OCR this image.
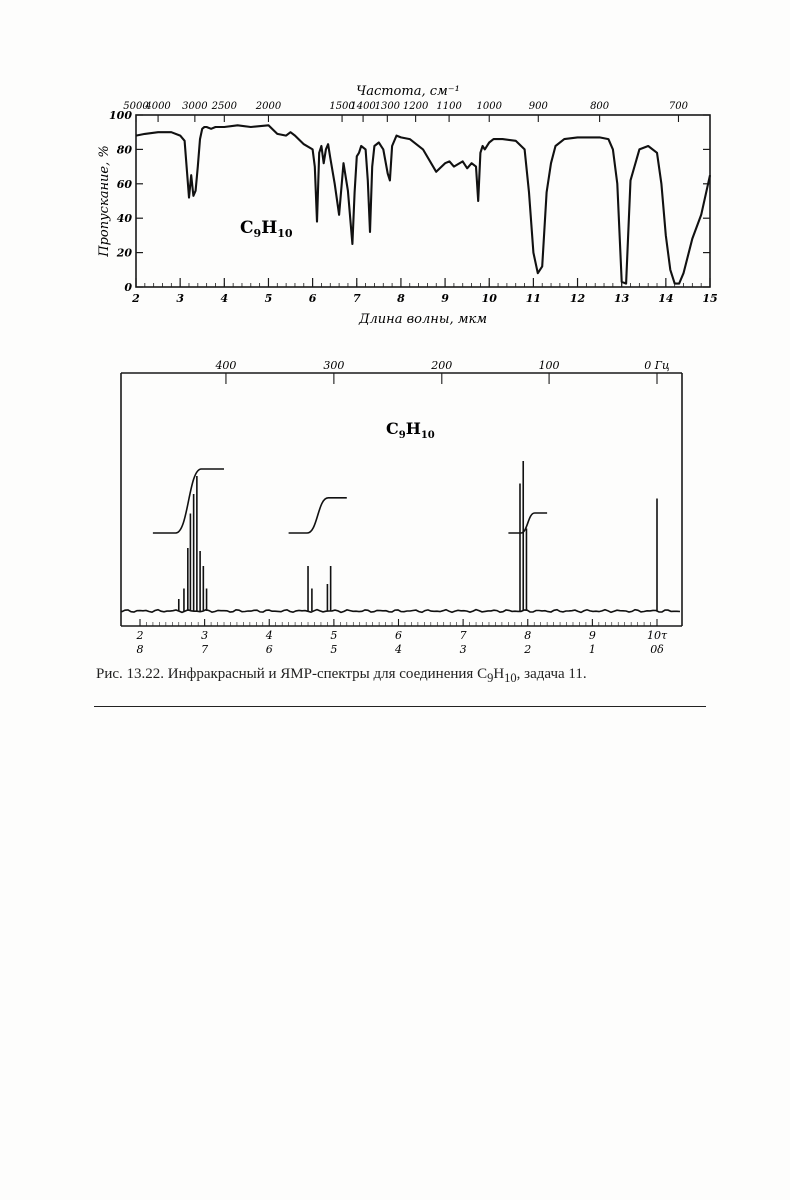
2	3	4	5	6	7	8	9	10	11	12	13	14	15
0
20
40
60
80
100
5000
4000 3000 2500 2000	1500
1400
1300 1200 1100 1000	900	800	700
Частота, см⁻¹
Длина волны, мкм
Пропускание, %	$C_9H_{10}$
2
8
3
7
4
6
5
5
6
4
7
3
8
2
9
1
10τ
0δ
400	300	200	100	0 Гц
$C_9H_{10}$
Рис. 13.22. Инфракрасный и ЯМР-спектры для соединения $C_9H_{10}$, задача 11.
